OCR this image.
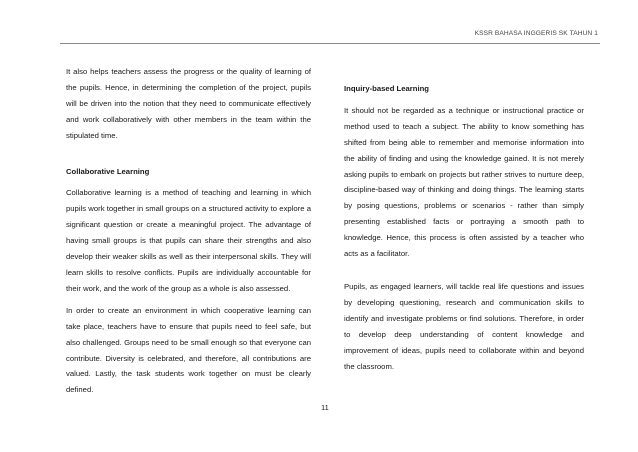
KSSR BAHASA INGGERIS SK TAHUN 1

It also helps teachers assess the progress or the quality of learning of the pupils. Hence, in determining the completion of the project, pupils will be driven into the notion that they need to communicate effectively and work collaboratively with other members in the team within the stipulated time.

Collaborative Learning

Collaborative learning is a method of teaching and learning in which pupils work together in small groups on a structured activity to explore a significant question or create a meaningful project. The advantage of having small groups is that pupils can share their strengths and also develop their weaker skills as well as their interpersonal skills. They will learn skills to resolve conflicts. Pupils are individually accountable for their work, and the work of the group as a whole is also assessed.

In order to create an environment in which cooperative learning can take place, teachers have to ensure that pupils need to feel safe, but also challenged. Groups need to be small enough so that everyone can contribute. Diversity is celebrated, and therefore, all contributions are valued. Lastly, the task students work together on must be clearly defined.

Inquiry-based Learning

It should not be regarded as a technique or instructional practice or method used to teach a subject. The ability to know something has shifted from being able to remember and memorise information into the ability of finding and using the knowledge gained. It is not merely asking pupils to embark on projects but rather strives to nurture deep, discipline-based way of thinking and doing things. The learning starts by posing questions, problems or scenarios - rather than simply presenting established facts or portraying a smooth path to knowledge. Hence, this process is often assisted by a teacher who acts as a facilitator.

Pupils, as engaged learners, will tackle real life questions and issues by developing questioning, research and communication skills to identify and investigate problems or find solutions. Therefore, in order to develop deep understanding of content knowledge and improvement of ideas, pupils need to collaborate within and beyond the classroom.

11
